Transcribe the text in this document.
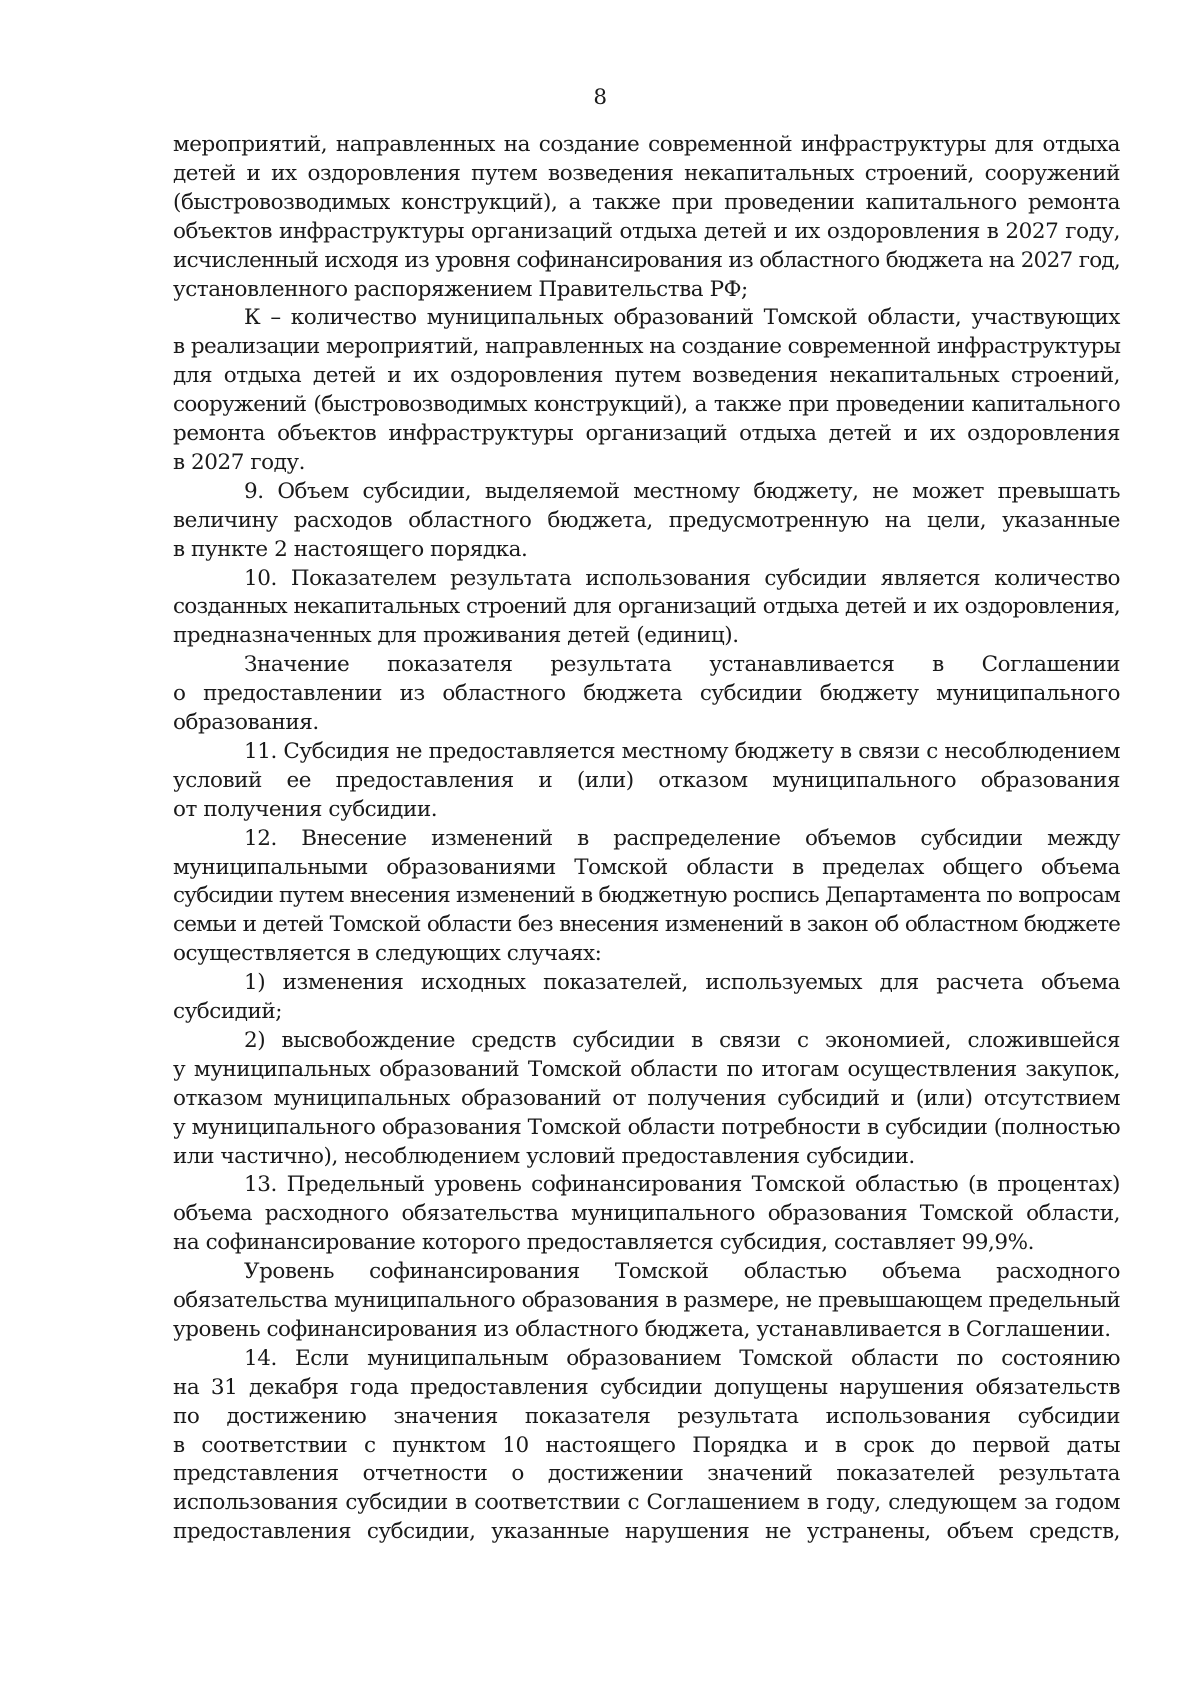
8
мероприятий, направленных на создание современной инфраструктуры для отдыха
детей и их оздоровления путем возведения некапитальных строений, сооружений
(быстровозводимых конструкций), а также при проведении капитального ремонта
объектов инфраструктуры организаций отдыха детей и их оздоровления в 2027 году,
исчисленный исходя из уровня софинансирования из областного бюджета на 2027 год,
установленного распоряжением Правительства РФ;
К – количество муниципальных образований Томской области, участвующих
в реализации мероприятий, направленных на создание современной инфраструктуры
для отдыха детей и их оздоровления путем возведения некапитальных строений,
сооружений (быстровозводимых конструкций), а также при проведении капитального
ремонта объектов инфраструктуры организаций отдыха детей и их оздоровления
в 2027 году.
9. Объем субсидии, выделяемой местному бюджету, не может превышать
величину расходов областного бюджета, предусмотренную на цели, указанные
в пункте 2 настоящего порядка.
10. Показателем результата использования субсидии является количество
созданных некапитальных строений для организаций отдыха детей и их оздоровления,
предназначенных для проживания детей (единиц).
Значение показателя результата устанавливается в Соглашении
о предоставлении из областного бюджета субсидии бюджету муниципального
образования.
11. Субсидия не предоставляется местному бюджету в связи с несоблюдением
условий ее предоставления и (или) отказом муниципального образования
от получения субсидии.
12. Внесение изменений в распределение объемов субсидии между
муниципальными образованиями Томской области в пределах общего объема
субсидии путем внесения изменений в бюджетную роспись Департамента по вопросам
семьи и детей Томской области без внесения изменений в закон об областном бюджете
осуществляется в следующих случаях:
1) изменения исходных показателей, используемых для расчета объема
субсидий;
2) высвобождение средств субсидии в связи с экономией, сложившейся
у муниципальных образований Томской области по итогам осуществления закупок,
отказом муниципальных образований от получения субсидий и (или) отсутствием
у муниципального образования Томской области потребности в субсидии (полностью
или частично), несоблюдением условий предоставления субсидии.
13. Предельный уровень софинансирования Томской областью (в процентах)
объема расходного обязательства муниципального образования Томской области,
на софинансирование которого предоставляется субсидия, составляет 99,9%.
Уровень софинансирования Томской областью объема расходного
обязательства муниципального образования в размере, не превышающем предельный
уровень софинансирования из областного бюджета, устанавливается в Соглашении.
14. Если муниципальным образованием Томской области по состоянию
на 31 декабря года предоставления субсидии допущены нарушения обязательств
по достижению значения показателя результата использования субсидии
в соответствии с пунктом 10 настоящего Порядка и в срок до первой даты
представления отчетности о достижении значений показателей результата
использования субсидии в соответствии с Соглашением в году, следующем за годом
предоставления субсидии, указанные нарушения не устранены, объем средств,
